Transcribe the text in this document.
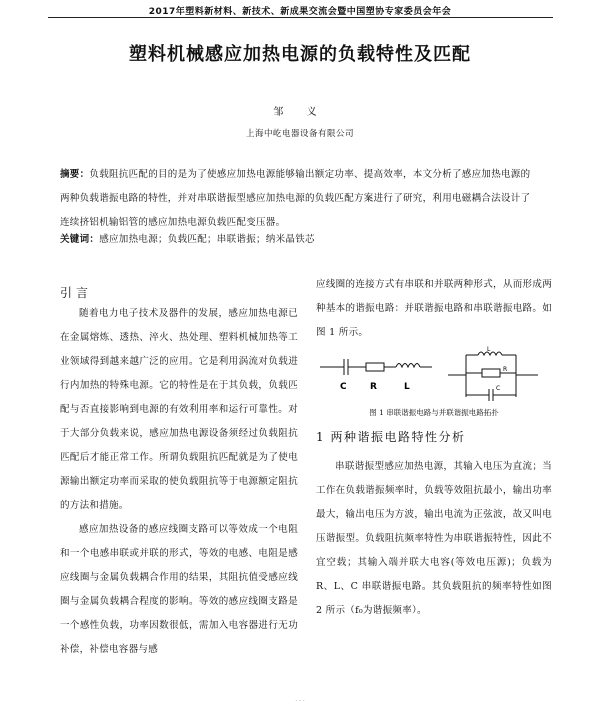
2017年塑料新材料、新技术、新成果交流会暨中国塑协专家委员会年会
塑料机械感应加热电源的负载特性及匹配
邹 义
上海中屹电器设备有限公司
摘要：负载阻抗匹配的目的是为了使感应加热电源能够输出额定功率、提高效率，本文分析了感应加热电源的两种负载谐振电路的特性，并对串联谐振型感应加热电源的负载匹配方案进行了研究，利用电磁耦合法设计了连续挤铝机输铝管的感应加热电源负载匹配变压器。
关键词：感应加热电源；负载匹配；串联谐振；纳米晶铁芯
引言

随着电力电子技术及器件的发展，感应加热电源已在金属熔炼、透热、淬火、热处理、塑料机械加热等工业领域得到越来越广泛的应用。它是利用涡流对负载进行内加热的特殊电源。它的特性是在于其负载，负载匹配与否直接影响到电源的有效利用率和运行可靠性。对于大部分负载来说，感应加热电源设备须经过负载阻抗匹配后才能正常工作。所谓负载阻抗匹配就是为了使电源输出额定功率而采取的使负载阻抗等于电源额定阻抗的方法和措施。

感应加热设备的感应线圈支路可以等效成一个电阻和一个电感串联或并联的形式，等效的电感、电阻是感应线圈与金属负载耦合作用的结果，其阻抗值受感应线圈与金属负载耦合程度的影响。等效的感应线圈支路是一个感性负载，功率因数很低，需加入电容器进行无功补偿，补偿电容器与感

应线圈的连接方式有串联和并联两种形式，从而形成两种基本的谐振电路：并联谐振电路和串联谐振电路。如图 1 所示。

C	R	L
L
R
C
图 1 串联谐振电路与并联谐振电路拓扑
1 两种谐振电路特性分析

串联谐振型感应加热电源，其输入电压为直流；当工作在负载谐振频率时，负载等效阻抗最小，输出功率最大，输出电压为方波，输出电流为正弦波，故又叫电压谐振型。负载阻抗频率特性为串联谐振特性，因此不宜空载；其输入端并联大电容(等效电压源)；负载为 R、L、C 串联谐振电路。其负载阻抗的频率特性如图 2 所示（f₀为谐振频率）。

· · ·
